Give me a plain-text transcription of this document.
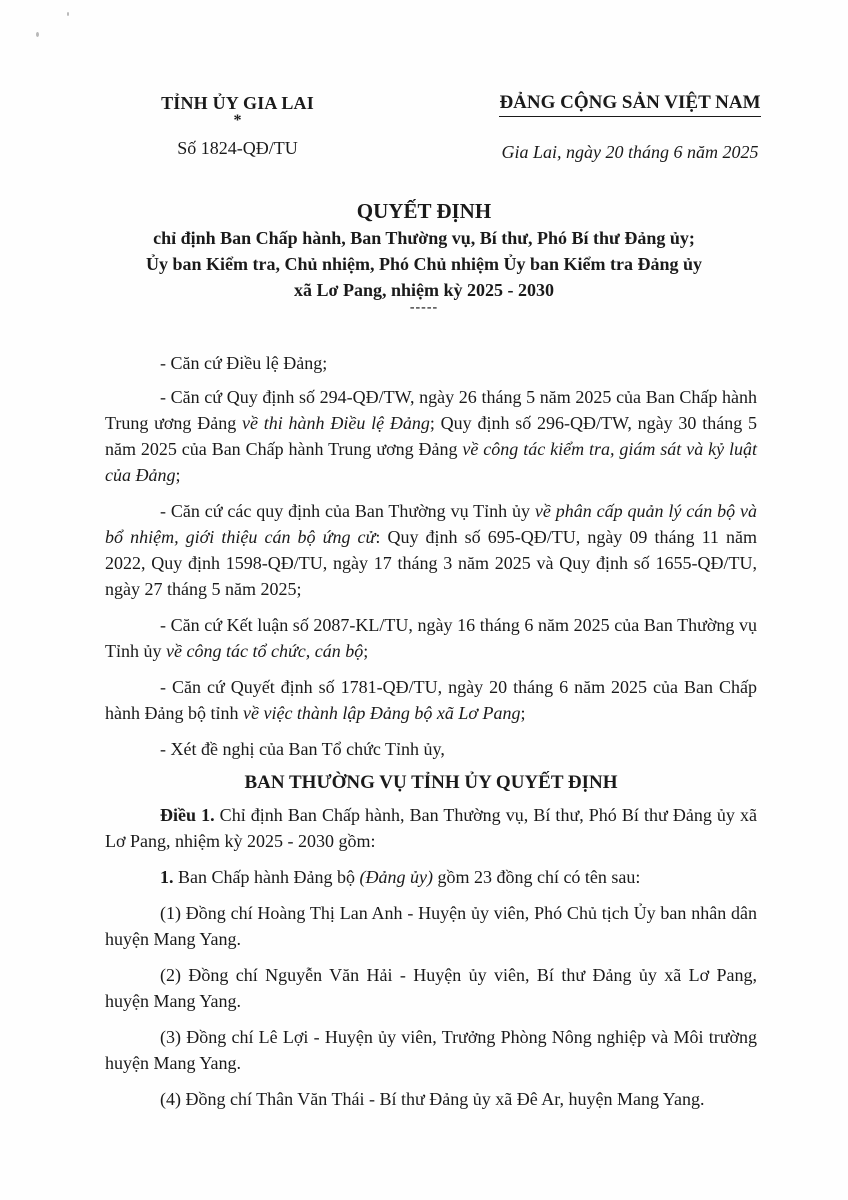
TỈNH ỦY GIA LAI
*
Số 1824-QĐ/TU
ĐẢNG CỘNG SẢN VIỆT NAM
Gia Lai, ngày 20 tháng 6 năm 2025
QUYẾT ĐỊNH
chỉ định Ban Chấp hành, Ban Thường vụ, Bí thư, Phó Bí thư Đảng ủy;
Ủy ban Kiểm tra, Chủ nhiệm, Phó Chủ nhiệm Ủy ban Kiểm tra Đảng ủy
xã Lơ Pang, nhiệm kỳ 2025 - 2030
-----

- Căn cứ Điều lệ Đảng;

- Căn cứ Quy định số 294-QĐ/TW, ngày 26 tháng 5 năm 2025 của Ban Chấp hành Trung ương Đảng về thi hành Điều lệ Đảng; Quy định số 296-QĐ/TW, ngày 30 tháng 5 năm 2025 của Ban Chấp hành Trung ương Đảng về công tác kiểm tra, giám sát và kỷ luật của Đảng;

- Căn cứ các quy định của Ban Thường vụ Tỉnh ủy về phân cấp quản lý cán bộ và bổ nhiệm, giới thiệu cán bộ ứng cử: Quy định số 695-QĐ/TU, ngày 09 tháng 11 năm 2022, Quy định 1598-QĐ/TU, ngày 17 tháng 3 năm 2025 và Quy định số 1655-QĐ/TU, ngày 27 tháng 5 năm 2025;

- Căn cứ Kết luận số 2087-KL/TU, ngày 16 tháng 6 năm 2025 của Ban Thường vụ Tỉnh ủy về công tác tổ chức, cán bộ;

- Căn cứ Quyết định số 1781-QĐ/TU, ngày 20 tháng 6 năm 2025 của Ban Chấp hành Đảng bộ tỉnh về việc thành lập Đảng bộ xã Lơ Pang;

- Xét đề nghị của Ban Tổ chức Tỉnh ủy,

BAN THƯỜNG VỤ TỈNH ỦY QUYẾT ĐỊNH

Điều 1. Chỉ định Ban Chấp hành, Ban Thường vụ, Bí thư, Phó Bí thư Đảng ủy xã Lơ Pang, nhiệm kỳ 2025 - 2030 gồm:

1. Ban Chấp hành Đảng bộ (Đảng ủy) gồm 23 đồng chí có tên sau:

(1) Đồng chí Hoàng Thị Lan Anh - Huyện ủy viên, Phó Chủ tịch Ủy ban nhân dân huyện Mang Yang.

(2) Đồng chí Nguyễn Văn Hải - Huyện ủy viên, Bí thư Đảng ủy xã Lơ Pang, huyện Mang Yang.

(3) Đồng chí Lê Lợi - Huyện ủy viên, Trưởng Phòng Nông nghiệp và Môi trường huyện Mang Yang.

(4) Đồng chí Thân Văn Thái - Bí thư Đảng ủy xã Đê Ar, huyện Mang Yang.
